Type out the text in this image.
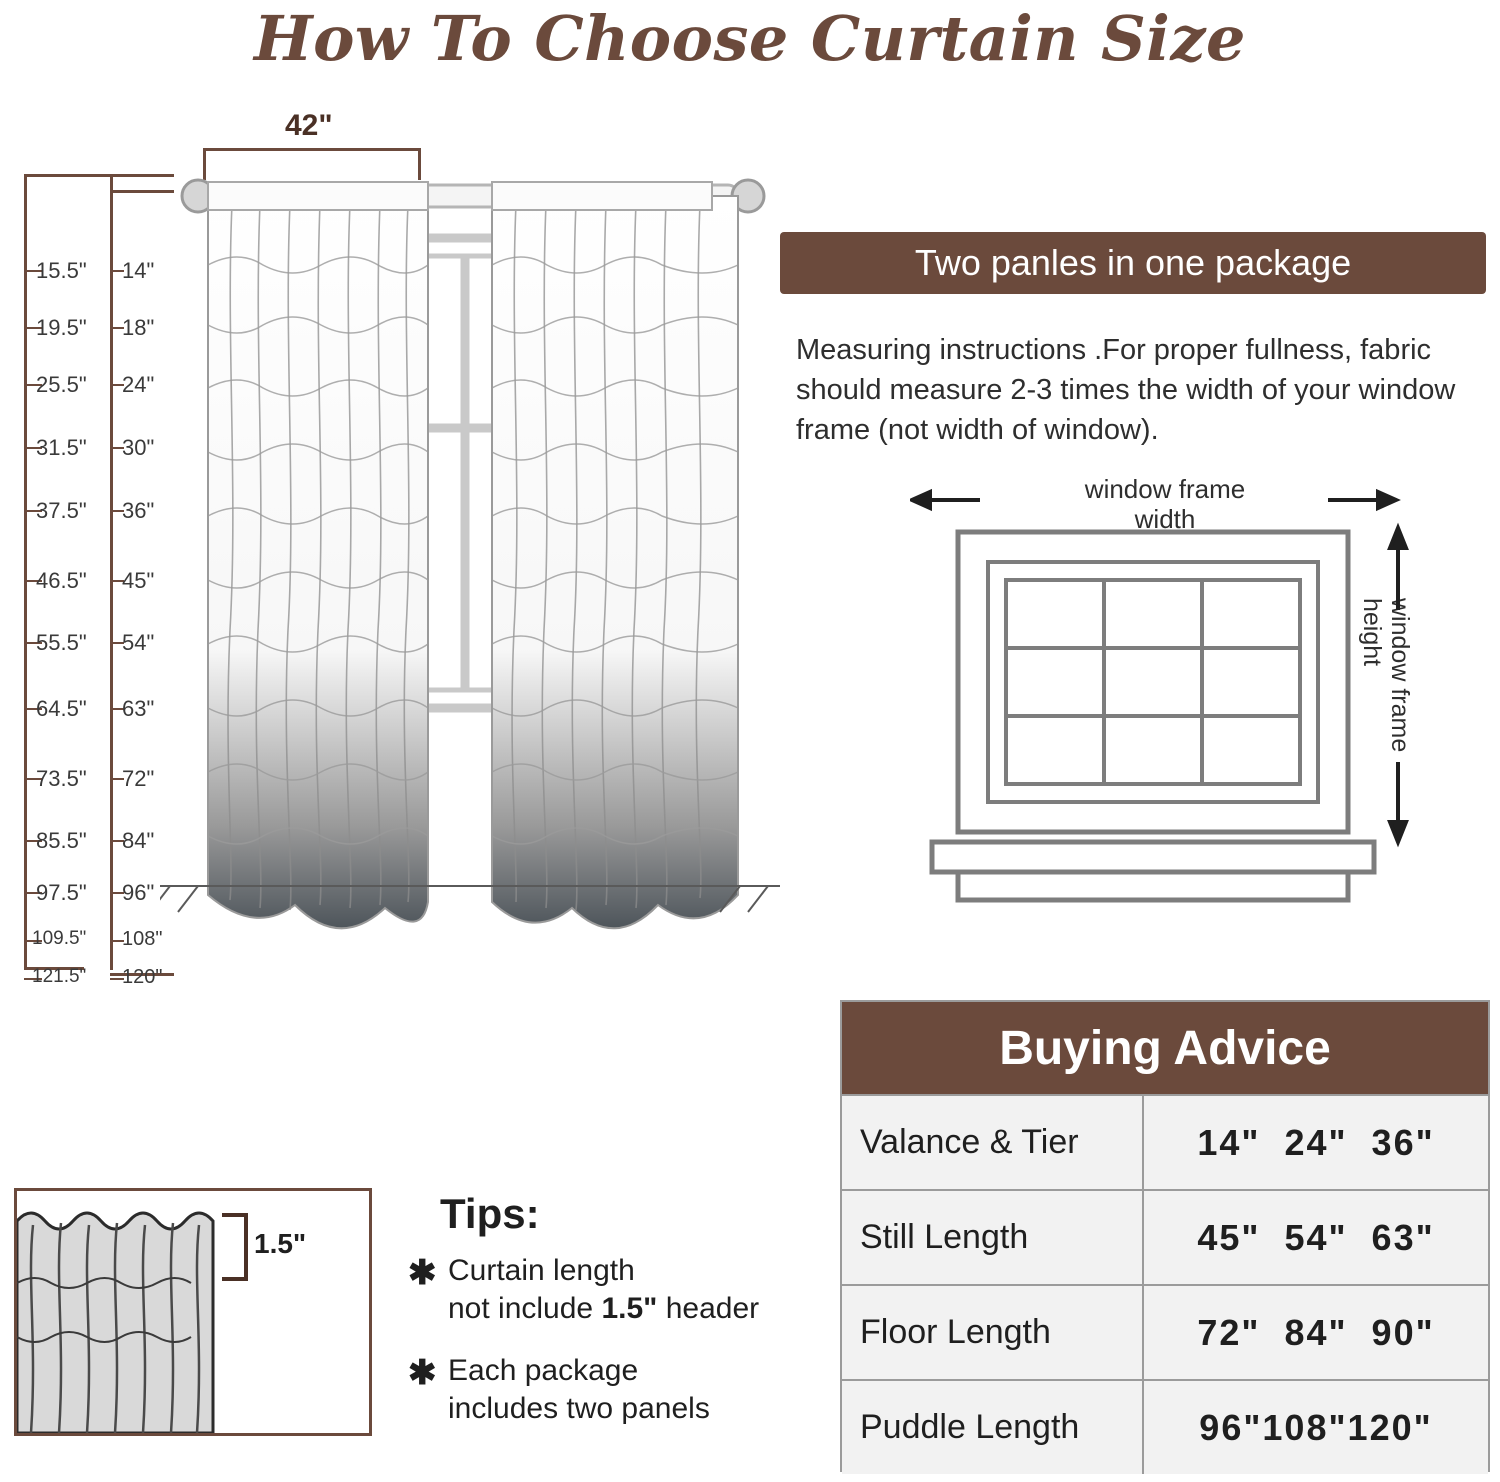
How To Choose Curtain Size
42"
15.5" 14"
19.5" 18"
25.5" 24"
31.5" 30"
37.5" 36"
46.5" 45"
55.5" 54"
64.5" 63"
73.5" 72"
85.5" 84"
97.5" 96"
109.5" 108"
121.5" 120"
Two panles in one package
Measuring instructions .For proper fullness, fabric should measure 2-3 times the width of your window frame (not width of window).
window frame
width
window frame
height
Buying Advice
Valance & Tier	14"  24"  36"
Still Length	45"  54"  63"
Floor Length	72"  84"  90"
Puddle Length	96"108"120"
1.5"
Tips:
✱ Curtain length
not include 1.5" header
✱ Each package
includes two panels
